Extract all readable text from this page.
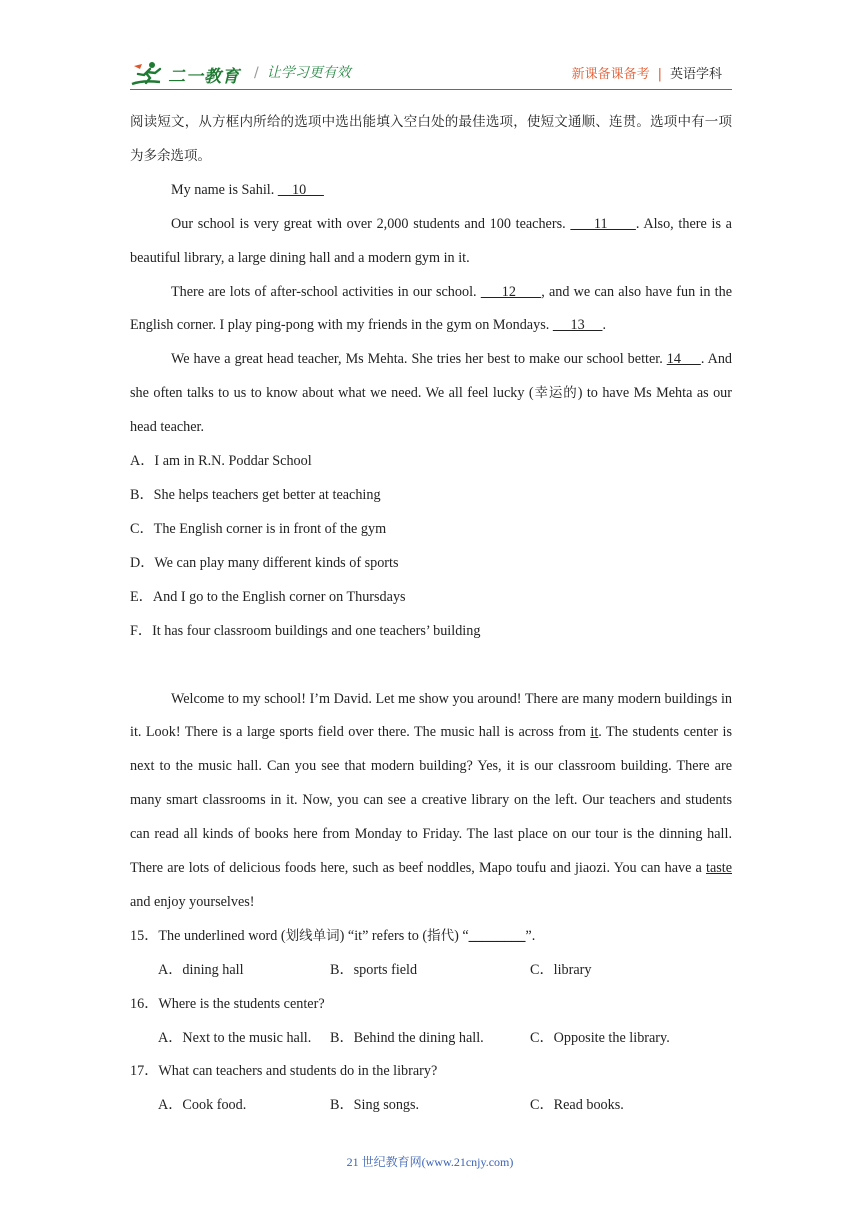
二一教育 / 让学习更有效	新课备课备考 | 英语学科

阅读短文，从方框内所给的选项中选出能填入空白处的最佳选项，使短文通顺、连贯。选项中有一项为多余选项。

My name is Sahil.     10

Our school is very great with over 2,000 students and 100 teachers.      11      . Also, there is a beautiful library, a large dining hall and a modern gym in it.

There are lots of after-school activities in our school.      12      , and we can also have fun in the English corner. I play ping-pong with my friends in the gym on Mondays.      13     .

We have a great head teacher, Ms Mehta. She tries her best to make our school better. 14     . And she often talks to us to know about what we need. We all feel lucky (幸运的) to have Ms Mehta as our head teacher.

A．I am in R.N. Poddar School

B．She helps teachers get better at teaching

C．The English corner is in front of the gym

D．We can play many different kinds of sports

E．And I go to the English corner on Thursdays

F．It has four classroom buildings and one teachers’ building

Welcome to my school! I’m David. Let me show you around! There are many modern buildings in it. Look! There is a large sports field over there. The music hall is across from it. The students center is next to the music hall. Can you see that modern building? Yes, it is our classroom building. There are many smart classrooms in it. Now, you can see a creative library on the left. Our teachers and students can read all kinds of books here from Monday to Friday. The last place on our tour is the dinning hall. There are lots of delicious foods here, such as beef noddles, Mapo toufu and jiaozi. You can have a taste and enjoy yourselves!

15．The underlined word (划线单词) “it” refers to (指代) “________”.

A．dining hall	B．sports field	C．library

16．Where is the students center?

A．Next to the music hall.	B．Behind the dining hall.	C．Opposite the library.

17．What can teachers and students do in the library?

A．Cook food.	B．Sing songs.	C．Read books.
21 世纪教育网(www.21cnjy.com)
